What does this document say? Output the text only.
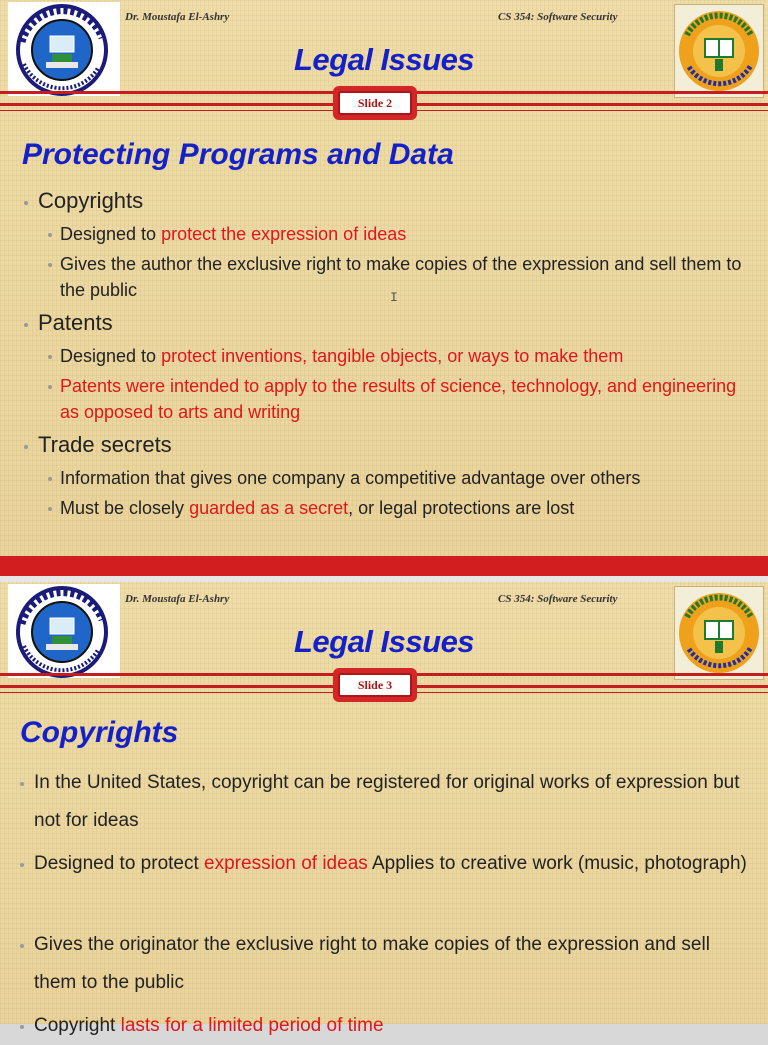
Dr. Moustafa El-Ashry	CS 354: Software Security
Legal Issues
Slide 2
Protecting Programs and Data
Copyrights
Designed to protect the expression of ideas
Gives the author the exclusive right to make copies of the expression and sell them to the public
Patents
Designed to protect inventions, tangible objects, or ways to make them
Patents were intended to apply to the results of science, technology, and engineering as opposed to arts and writing
Trade secrets
Information that gives one company a competitive advantage over others
Must be closely guarded as a secret, or legal protections are lost
Ι
Dr. Moustafa El-Ashry	CS 354: Software Security
Legal Issues
Slide 3
Copyrights
In the United States, copyright can be registered for original works of expression but not for ideas
Designed to protect expression of ideas Applies to creative work (music, photograph)
Gives the originator the exclusive right to make copies of the expression and sell them to the public
Copyright lasts for a limited period of time
